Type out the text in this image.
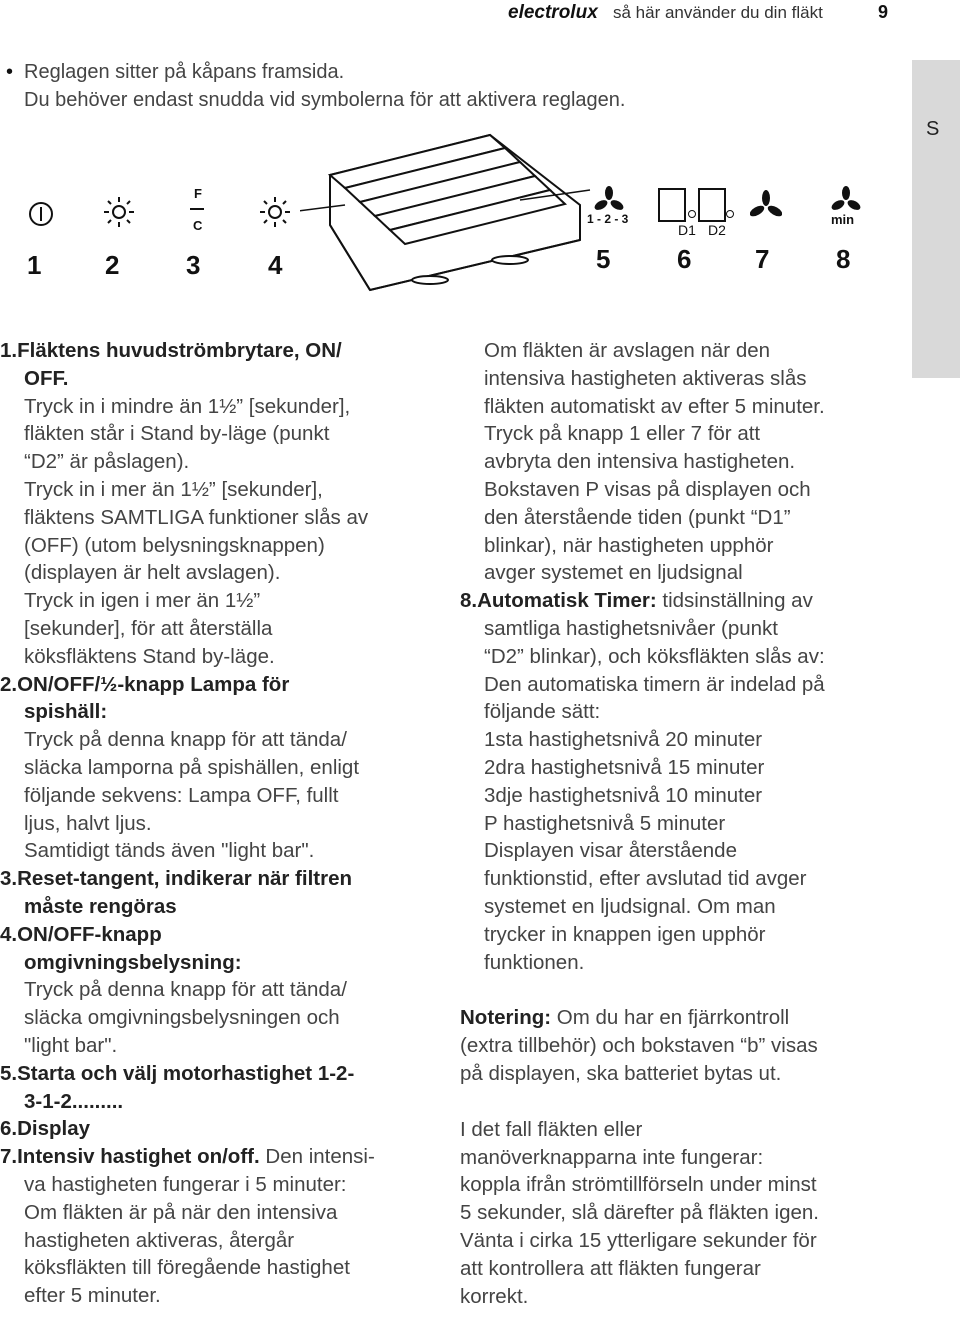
electrolux så här använder du din fläkt	9
S
• Reglagen sitter på kåpans framsida.
Du behöver endast snudda vid symbolerna för att aktivera reglagen.
F
C	1 - 2 - 3
D1 D2
min
1 2	3	4	5	6 7	8

1.Fläktens huvudströmbrytare, ON/

OFF.

Tryck in i mindre än 1½” [sekunder],

fläkten står i Stand by-läge (punkt

“D2” är påslagen).

Tryck in i mer än 1½” [sekunder],

fläktens SAMTLIGA funktioner slås av

(OFF) (utom belysningsknappen)

(displayen är helt avslagen).

Tryck in igen i mer än 1½”

[sekunder], för att återställa

köksfläktens Stand by-läge.

2.ON/OFF/½-knapp Lampa för

spishäll:

Tryck på denna knapp för att tända/

släcka lamporna på spishällen, enligt

följande sekvens: Lampa OFF, fullt

ljus, halvt ljus.

Samtidigt tänds även "light bar".

3.Reset-tangent, indikerar när filtren

måste rengöras

4.ON/OFF-knapp

omgivningsbelysning:

Tryck på denna knapp för att tända/

släcka omgivningsbelysningen och

"light bar".

5.Starta och välj motorhastighet 1-2-

3-1-2.........

6.Display

7.Intensiv hastighet on/off. Den intensi-

va hastigheten fungerar i 5 minuter:

Om fläkten är på när den intensiva

hastigheten aktiveras, återgår

köksfläkten till föregående hastighet

efter 5 minuter.

Om fläkten är avslagen när den

intensiva hastigheten aktiveras slås

fläkten automatiskt av efter 5 minuter.

Tryck på knapp 1 eller 7 för att

avbryta den intensiva hastigheten.

Bokstaven P visas på displayen och

den återstående tiden (punkt “D1”

blinkar), när hastigheten upphör

avger systemet en ljudsignal

8.Automatisk Timer: tidsinställning av

samtliga hastighetsnivåer (punkt

“D2” blinkar), och köksfläkten slås av:

Den automatiska timern är indelad på

följande sätt:

1sta hastighetsnivå 20 minuter

2dra hastighetsnivå 15 minuter

3dje hastighetsnivå 10 minuter

P hastighetsnivå 5 minuter

Displayen visar återstående

funktionstid, efter avslutad tid avger

systemet en ljudsignal. Om man

trycker in knappen igen upphör

funktionen.

Notering: Om du har en fjärrkontroll

(extra tillbehör) och bokstaven “b” visas

på displayen, ska batteriet bytas ut.

I det fall fläkten eller

manöverknapparna inte fungerar:

koppla ifrån strömtillförseln under minst

5 sekunder, slå därefter på fläkten igen.

Vänta i cirka 15 ytterligare sekunder för

att kontrollera att fläkten fungerar

korrekt.
